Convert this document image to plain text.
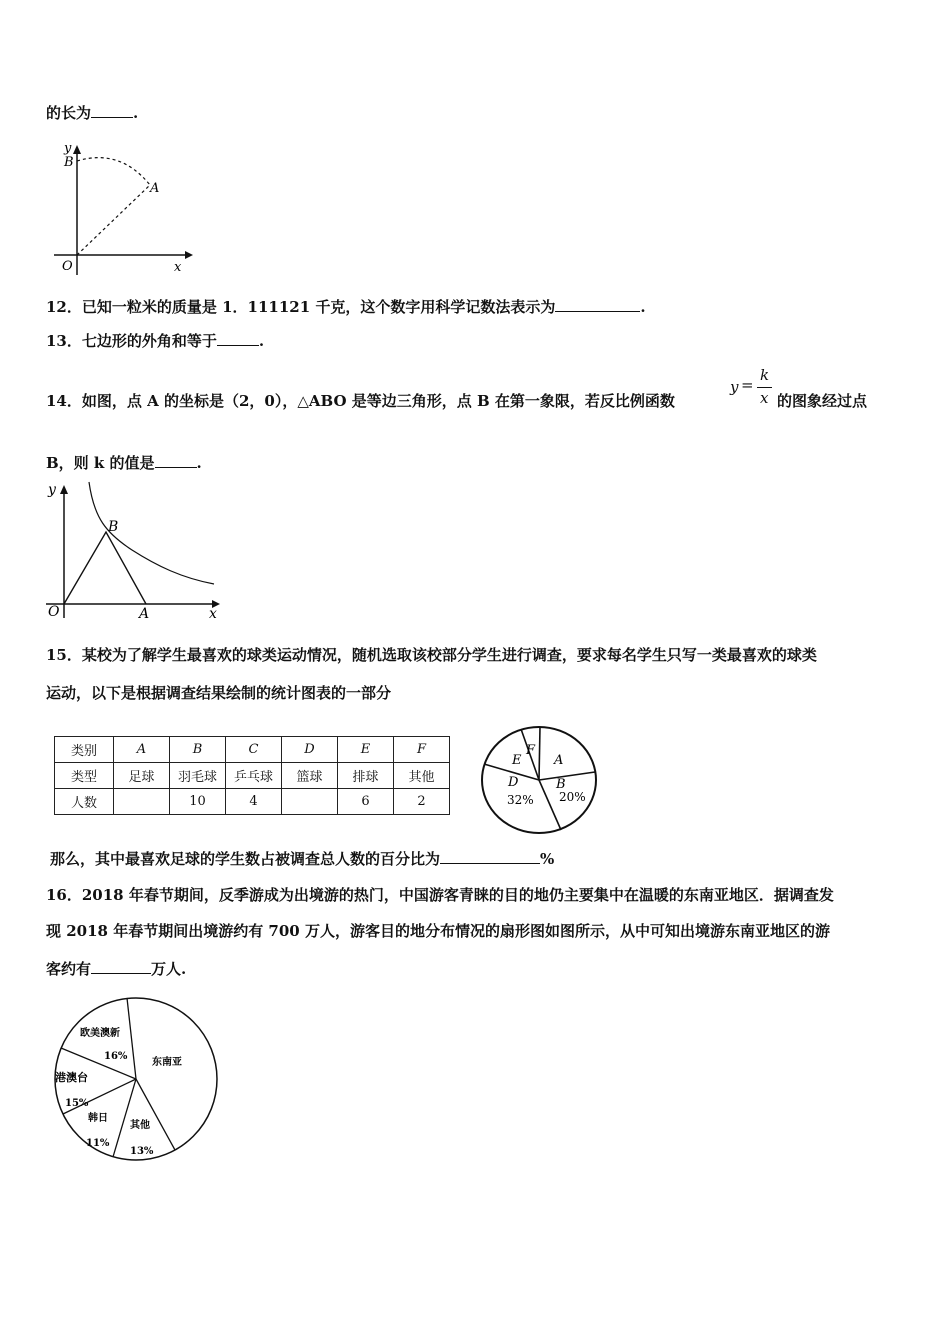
的长为	.
y
B
A
O	x
12．已知一粒米的质量是 1．111121 千克，这个数字用科学记数法表示为	.
13．七边形的外角和等于	.
14．如图，点 A 的坐标是（2，0），△ABO 是等边三角形，点 B 在第一象限，若反比例函数
y =
k
x 的图象经过点
B，则 k 的值是	.
y
B
O	A	x
15．某校为了解学生最喜欢的球类运动情况，随机选取该校部分学生进行调查，要求每名学生只写一类最喜欢的球类
运动，以下是根据调查结果绘制的统计图表的一部分
类别	A	B	C	D	E	F
类型	足球	羽毛球	乒乓球	篮球	排球	其他
人数		10	4		6	2
E
F
A
D
32%
B
20%
那么，其中最喜欢足球的学生数占被调查总人数的百分比为	%
16．2018 年春节期间，反季游成为出境游的热门，中国游客青睐的目的地仍主要集中在温暖的东南亚地区．据调查发
现 2018 年春节期间出境游约有 700 万人，游客目的地分布情况的扇形图如图所示，从中可知出境游东南亚地区的游
客约有	万人.
欧美澳新
16%
东南亚
港澳台
15%
韩日
11%
其他
13%
